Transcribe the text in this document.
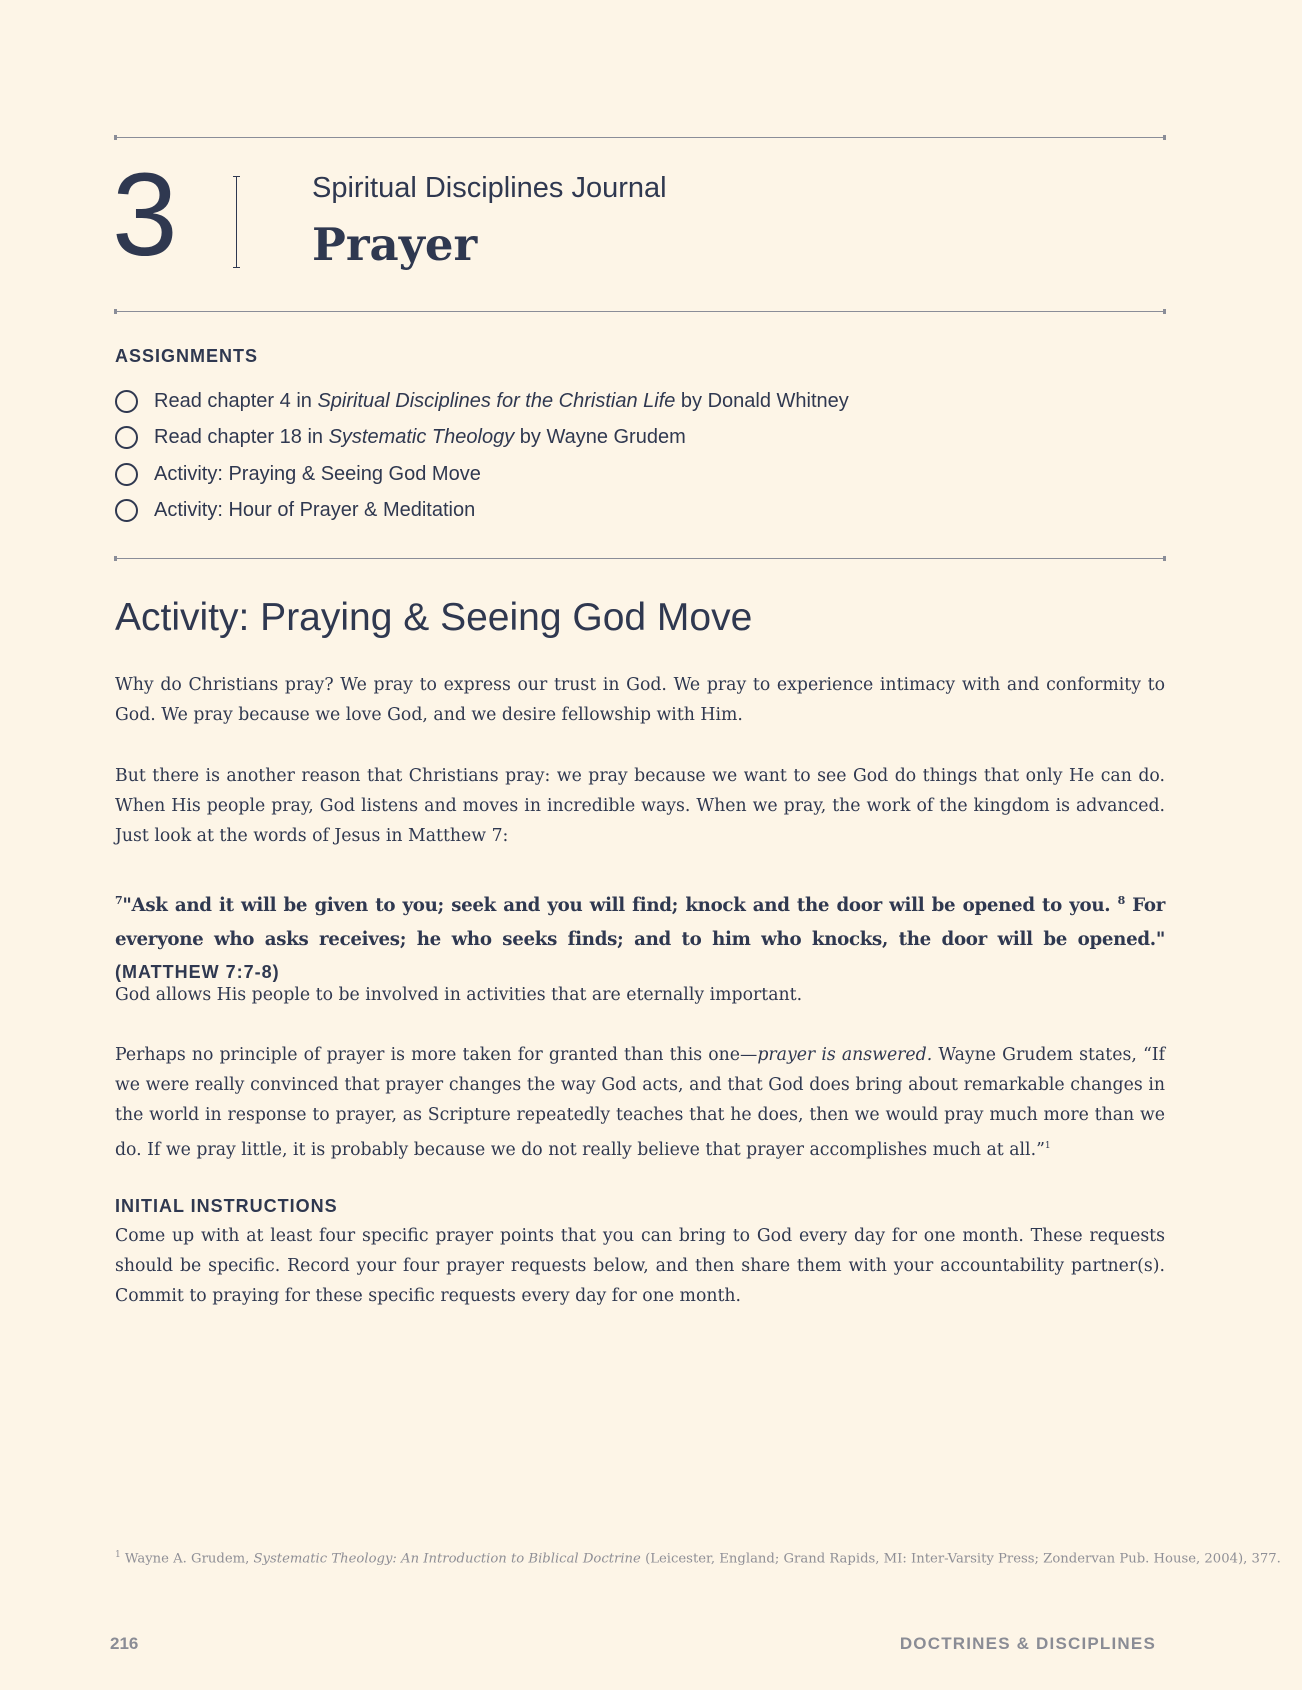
3	Spiritual Disciplines Journal
Prayer
ASSIGNMENTS
Read chapter 4 in Spiritual Disciplines for the Christian Life by Donald Whitney
Read chapter 18 in Systematic Theology by Wayne Grudem
Activity: Praying & Seeing God Move
Activity: Hour of Prayer & Meditation
Activity: Praying & Seeing God Move

Why do Christians pray? We pray to express our trust in God. We pray to experience intimacy with and conformity to God. We pray because we love God, and we desire fellowship with Him.

But there is another reason that Christians pray: we pray because we want to see God do things that only He can do. When His people pray, God listens and moves in incredible ways. When we pray, the work of the kingdom is advanced. Just look at the words of Jesus in Matthew 7:

$^7$"Ask and it will be given to you; seek and you will find; knock and the door will be opened to you. $^8$ For everyone who asks receives; he who seeks finds; and to him who knocks, the door will be opened." (MATTHEW 7:7-8)

God allows His people to be involved in activities that are eternally important.

Perhaps no principle of prayer is more taken for granted than this one—prayer is answered. Wayne Grudem states, “If we were really convinced that prayer changes the way God acts, and that God does bring about remarkable changes in the world in response to prayer, as Scripture repeatedly teaches that he does, then we would pray much more than we do. If we pray little, it is probably because we do not really believe that prayer accomplishes much at all.”$^1$

INITIAL INSTRUCTIONS

Come up with at least four specific prayer points that you can bring to God every day for one month. These requests should be specific. Record your four prayer requests below, and then share them with your accountability partner(s). Commit to praying for these specific requests every day for one month.

$^1$ Wayne A. Grudem, Systematic Theology: An Introduction to Biblical Doctrine (Leicester, England; Grand Rapids, MI: Inter-Varsity Press; Zondervan Pub. House, 2004), 377.
216	DOCTRINES & DISCIPLINES
